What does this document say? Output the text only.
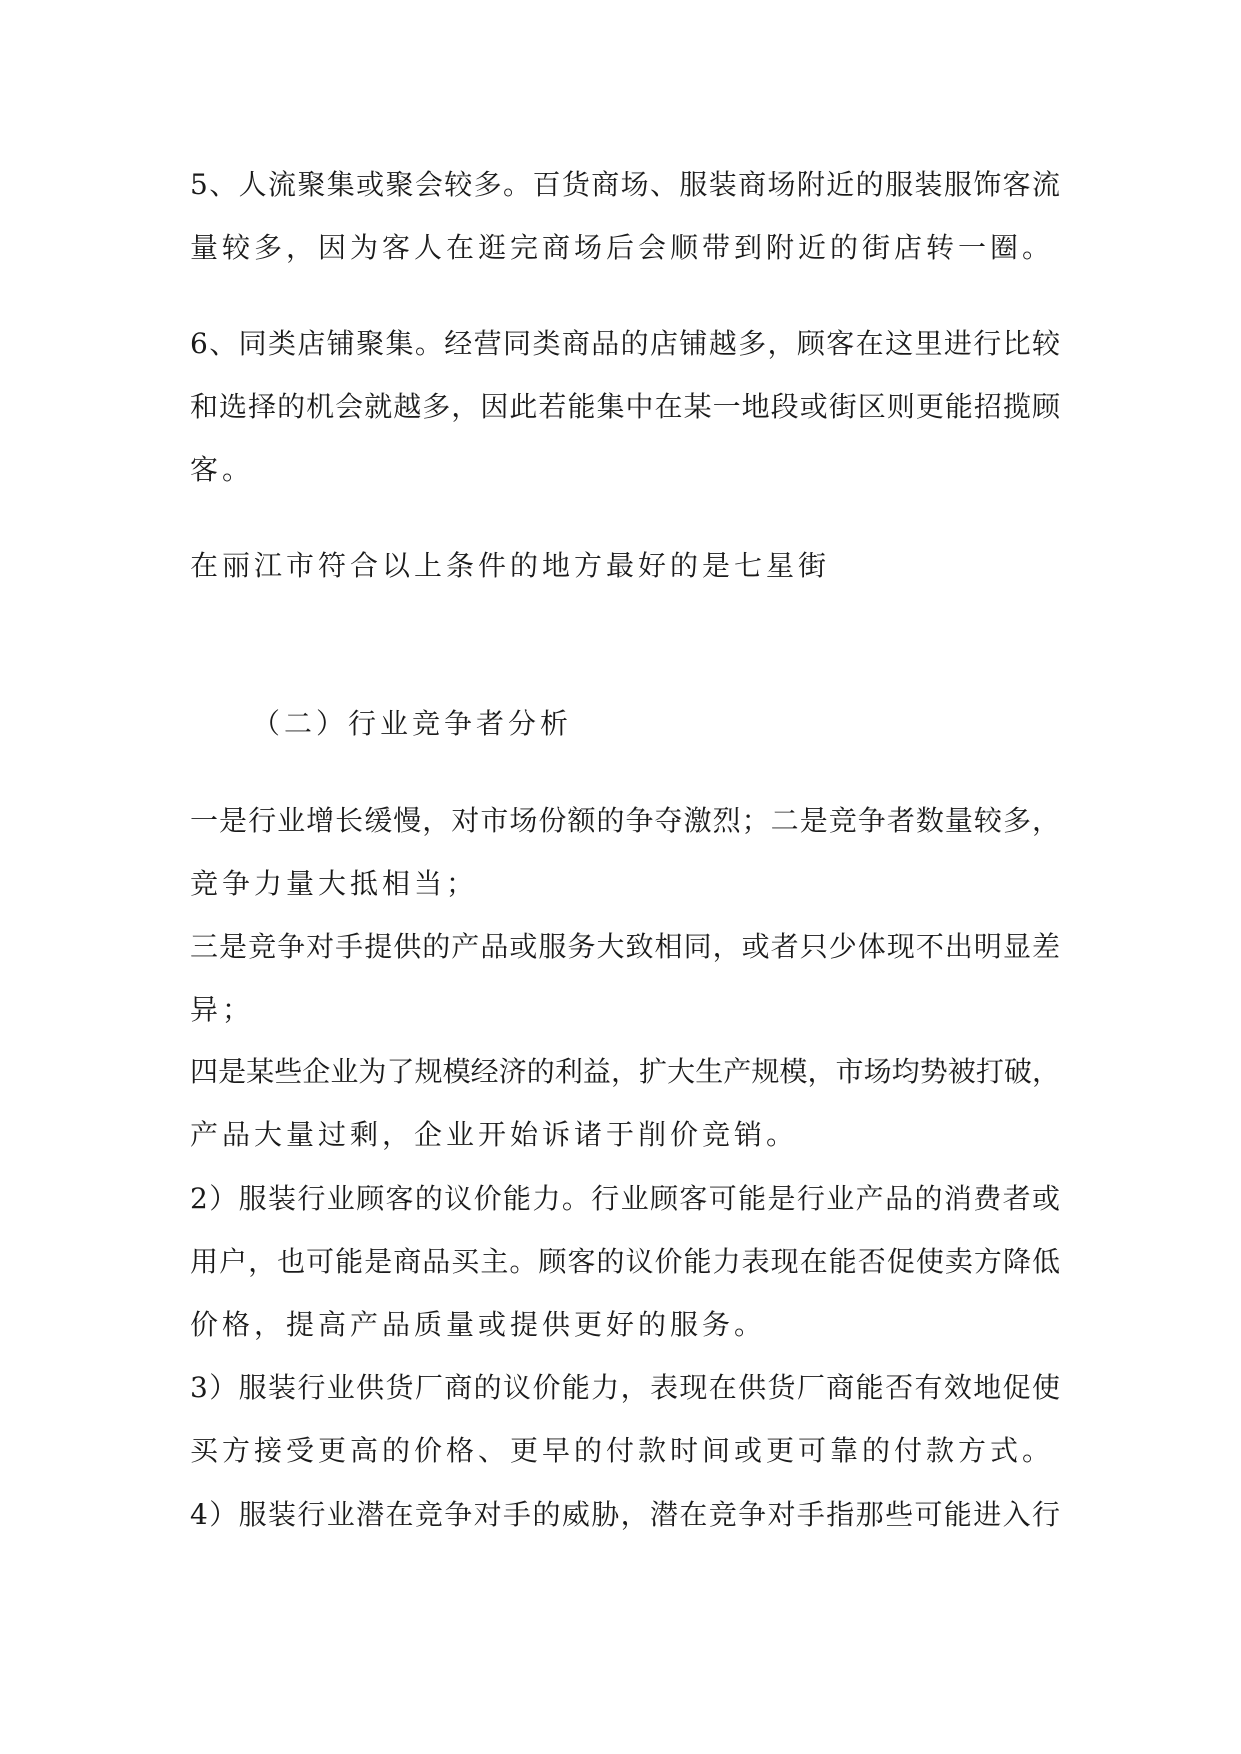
5、人流聚集或聚会较多。百货商场、服装商场附近的服装服饰客流
量较多，因为客人在逛完商场后会顺带到附近的街店转一圈。
6、同类店铺聚集。经营同类商品的店铺越多，顾客在这里进行比较
和选择的机会就越多，因此若能集中在某一地段或街区则更能招揽顾
客。
在丽江市符合以上条件的地方最好的是七星街
（二）行业竞争者分析
一是行业增长缓慢，对市场份额的争夺激烈；二是竞争者数量较多，
竞争力量大抵相当；
三是竞争对手提供的产品或服务大致相同，或者只少体现不出明显差
异；
四是某些企业为了规模经济的利益，扩大生产规模，市场均势被打破，
产品大量过剩，企业开始诉诸于削价竞销。
2）服装行业顾客的议价能力。行业顾客可能是行业产品的消费者或
用户，也可能是商品买主。顾客的议价能力表现在能否促使卖方降低
价格，提高产品质量或提供更好的服务。
3）服装行业供货厂商的议价能力，表现在供货厂商能否有效地促使
买方接受更高的价格、更早的付款时间或更可靠的付款方式。
4）服装行业潜在竞争对手的威胁，潜在竞争对手指那些可能进入行
